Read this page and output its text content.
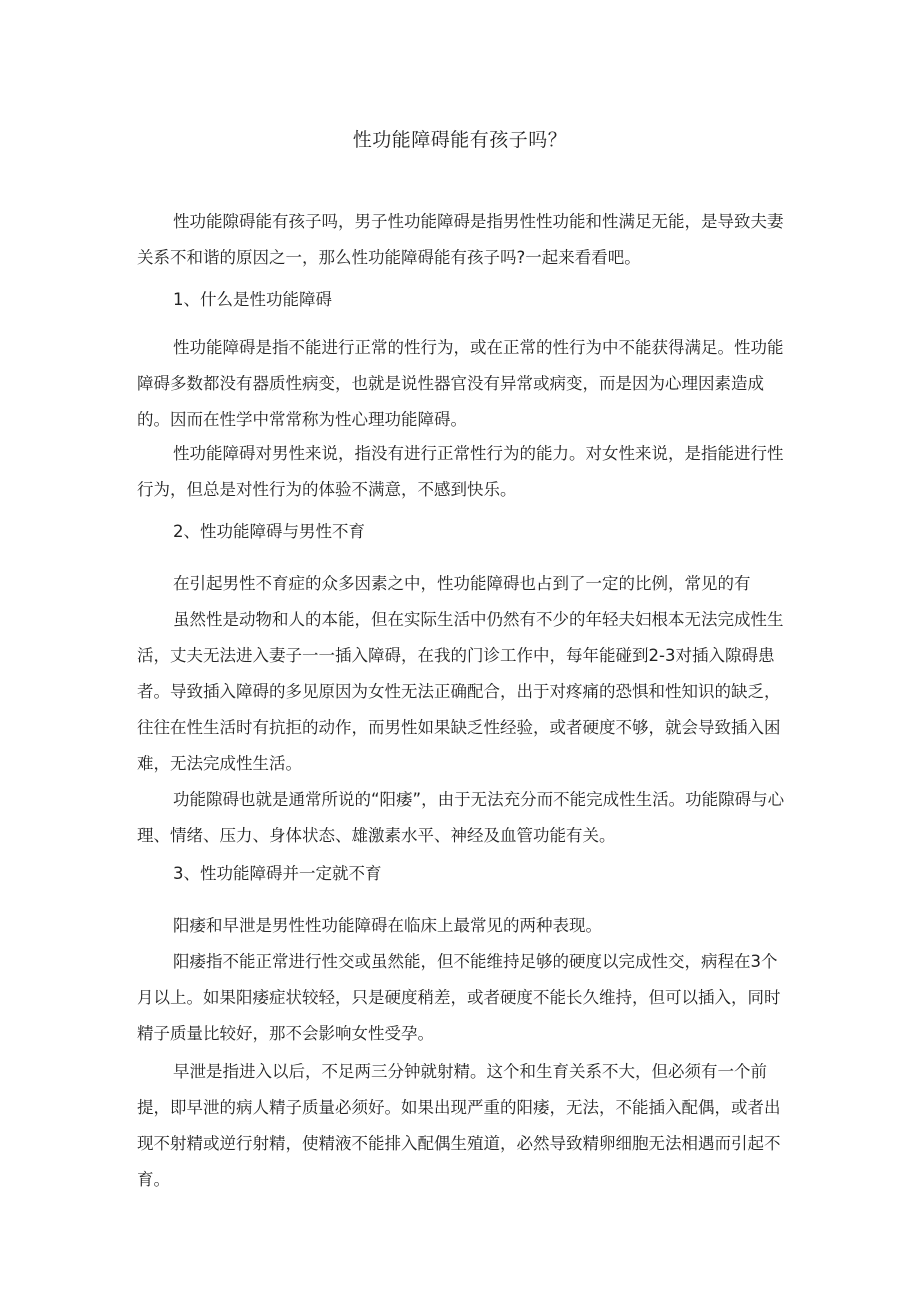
性功能障碍能有孩子吗？

性功能隙碍能有孩子吗，男子性功能障碍是指男性性功能和性满足无能，是导致夫妻关系不和谐的原因之一，那么性功能障碍能有孩子吗?一起来看看吧。

1、什么是性功能障碍

性功能障碍是指不能进行正常的性行为，或在正常的性行为中不能获得满足。性功能障碍多数都没有器质性病变，也就是说性器官没有异常或病变，而是因为心理因素造成的。因而在性学中常常称为性心理功能障碍。

性功能障碍对男性来说，指没有进行正常性行为的能力。对女性来说，是指能进行性行为，但总是对性行为的体验不满意，不感到快乐。

2、性功能障碍与男性不育

在引起男性不育症的众多因素之中，性功能障碍也占到了一定的比例，常见的有

虽然性是动物和人的本能，但在实际生活中仍然有不少的年轻夫妇根本无法完成性生活，丈夫无法进入妻子一一插入障碍，在我的门诊工作中，每年能碰到2-3对插入隙碍患者。导致插入障碍的多见原因为女性无法正确配合，出于对疼痛的恐惧和性知识的缺乏，往往在性生活时有抗拒的动作，而男性如果缺乏性经验，或者硬度不够，就会导致插入困难，无法完成性生活。

功能隙碍也就是通常所说的“阳痿”，由于无法充分而不能完成性生活。功能隙碍与心理、情绪、压力、身体状态、雄激素水平、神经及血管功能有关。

3、性功能障碍并一定就不育

阳痿和早泄是男性性功能障碍在临床上最常见的两种表现。

阳痿指不能正常进行性交或虽然能，但不能维持足够的硬度以完成性交，病程在3个月以上。如果阳痿症状较轻，只是硬度稍差，或者硬度不能长久维持，但可以插入，同时精子质量比较好，那不会影响女性受孕。

早泄是指进入以后，不足两三分钟就射精。这个和生育关系不大，但必须有一个前提，即早泄的病人精子质量必须好。如果出现严重的阳痿，无法，不能插入配偶，或者出现不射精或逆行射精，使精液不能排入配偶生殖道，必然导致精卵细胞无法相遇而引起不育。
